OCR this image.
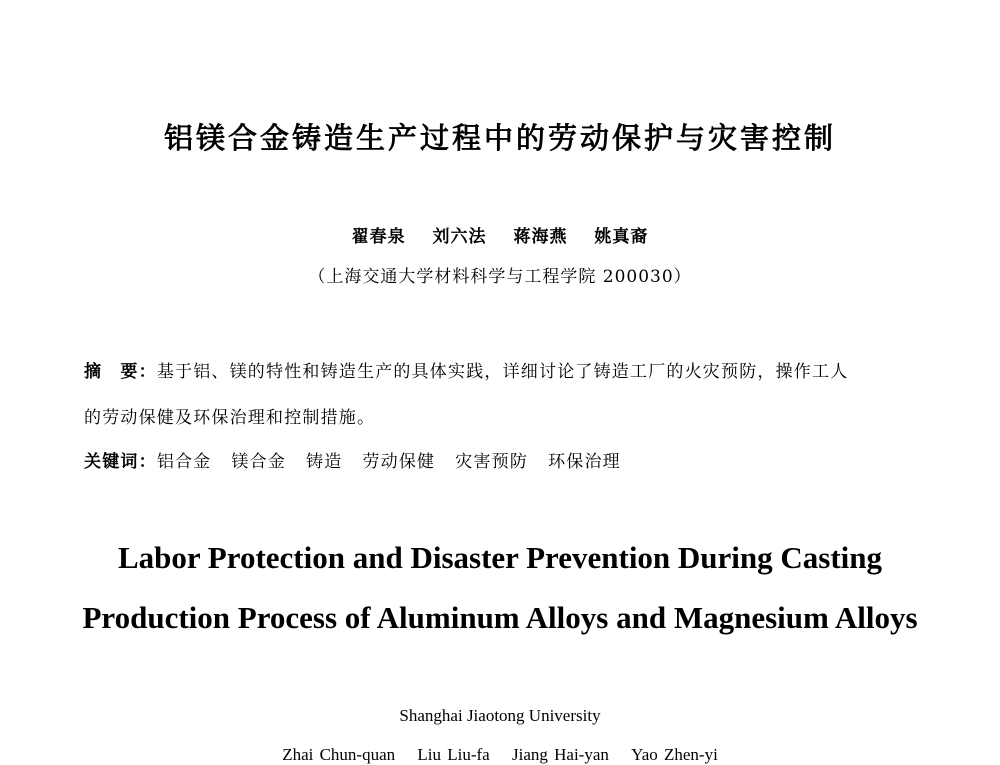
铝镁合金铸造生产过程中的劳动保护与灾害控制
翟春泉 刘六法 蒋海燕 姚真裔
（上海交通大学材料科学与工程学院 200030）
摘　要：基于铝、镁的特性和铸造生产的具体实践，详细讨论了铸造工厂的火灾预防，操作工人
的劳动保健及环保治理和控制措施。
关键词：铝合金 镁合金 铸造 劳动保健 灾害预防 环保治理
Labor Protection and Disaster Prevention During Casting
Production Process of Aluminum Alloys and Magnesium Alloys
Shanghai Jiaotong University
Zhai Chun-quan Liu Liu-fa Jiang Hai-yan Yao Zhen-yi
